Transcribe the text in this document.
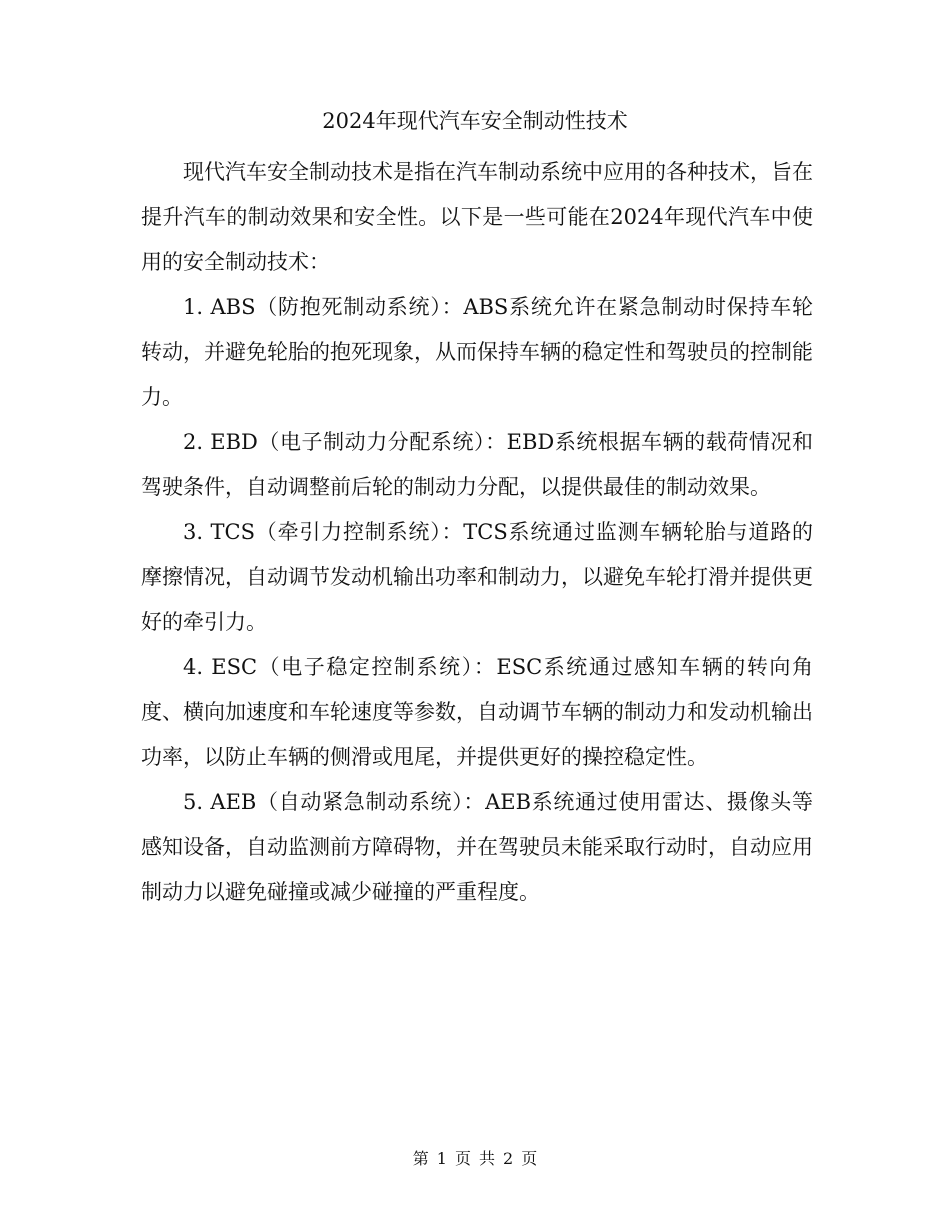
2024年现代汽车安全制动性技术

现代汽车安全制动技术是指在汽车制动系统中应用的各种技术，旨在提升汽车的制动效果和安全性。以下是一些可能在2024年现代汽车中使用的安全制动技术：

1. ABS（防抱死制动系统）：ABS系统允许在紧急制动时保持车轮转动，并避免轮胎的抱死现象，从而保持车辆的稳定性和驾驶员的控制能力。

2. EBD（电子制动力分配系统）：EBD系统根据车辆的载荷情况和驾驶条件，自动调整前后轮的制动力分配，以提供最佳的制动效果。

3. TCS（牵引力控制系统）：TCS系统通过监测车辆轮胎与道路的摩擦情况，自动调节发动机输出功率和制动力，以避免车轮打滑并提供更好的牵引力。

4. ESC（电子稳定控制系统）：ESC系统通过感知车辆的转向角度、横向加速度和车轮速度等参数，自动调节车辆的制动力和发动机输出功率，以防止车辆的侧滑或甩尾，并提供更好的操控稳定性。

5. AEB（自动紧急制动系统）：AEB系统通过使用雷达、摄像头等感知设备，自动监测前方障碍物，并在驾驶员未能采取行动时，自动应用制动力以避免碰撞或减少碰撞的严重程度。

第 1 页 共 2 页
